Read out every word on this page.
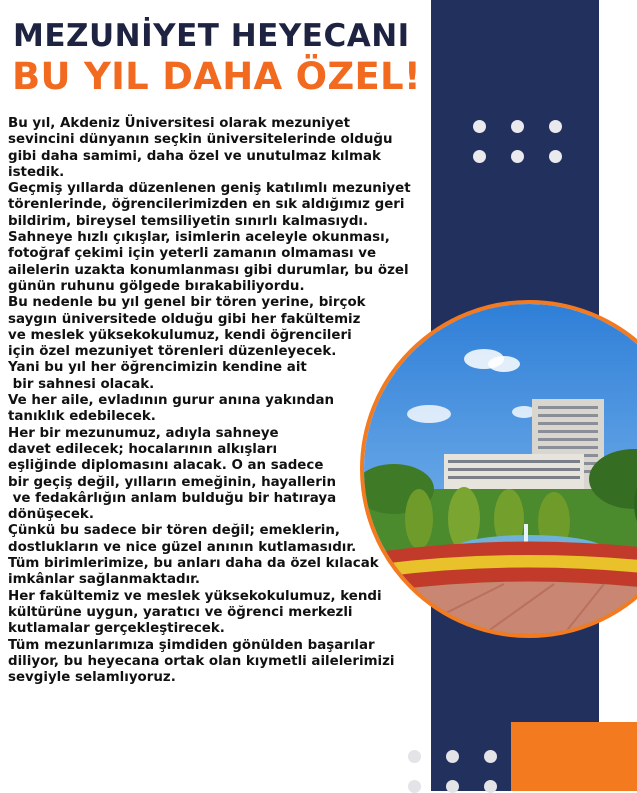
MEZUNİYET HEYECANI
BU YIL DAHA ÖZEL!
Bu yıl, Akdeniz Üniversitesi olarak mezuniyet
sevincini dünyanın seçkin üniversitelerinde olduğu
gibi daha samimi, daha özel ve unutulmaz kılmak
istedik.
Geçmiş yıllarda düzenlenen geniş katılımlı mezuniyet
törenlerinde, öğrencilerimizden en sık aldığımız geri
bildirim, bireysel temsiliyetin sınırlı kalmasıydı.
Sahneye hızlı çıkışlar, isimlerin aceleyle okunması,
fotoğraf çekimi için yeterli zamanın olmaması ve
ailelerin uzakta konumlanması gibi durumlar, bu özel
günün ruhunu gölgede bırakabiliyordu.
Bu nedenle bu yıl genel bir tören yerine, birçok
saygın üniversitede olduğu gibi her fakültemiz
ve meslek yüksekokulumuz, kendi öğrencileri
için özel mezuniyet törenleri düzenleyecek.
Yani bu yıl her öğrencimizin kendine ait
bir sahnesi olacak.
Ve her aile, evladının gurur anına yakından
tanıklık edebilecek.
Her bir mezunumuz, adıyla sahneye
davet edilecek; hocalarının alkışları
eşliğinde diplomasını alacak. O an sadece
bir geçiş değil, yılların emeğinin, hayallerin
ve fedakârlığın anlam bulduğu bir hatıraya
dönüşecek.
Çünkü bu sadece bir tören değil; emeklerin,
dostlukların ve nice güzel anının kutlamasıdır.
Tüm birimlerimize, bu anları daha da özel kılacak
imkânlar sağlanmaktadır.
Her fakültemiz ve meslek yüksekokulumuz, kendi
kültürüne uygun, yaratıcı ve öğrenci merkezli
kutlamalar gerçekleştirecek.
Tüm mezunlarımıza şimdiden gönülden başarılar
diliyor, bu heyecana ortak olan kıymetli ailelerimizi
sevgiyle selamlıyoruz.
